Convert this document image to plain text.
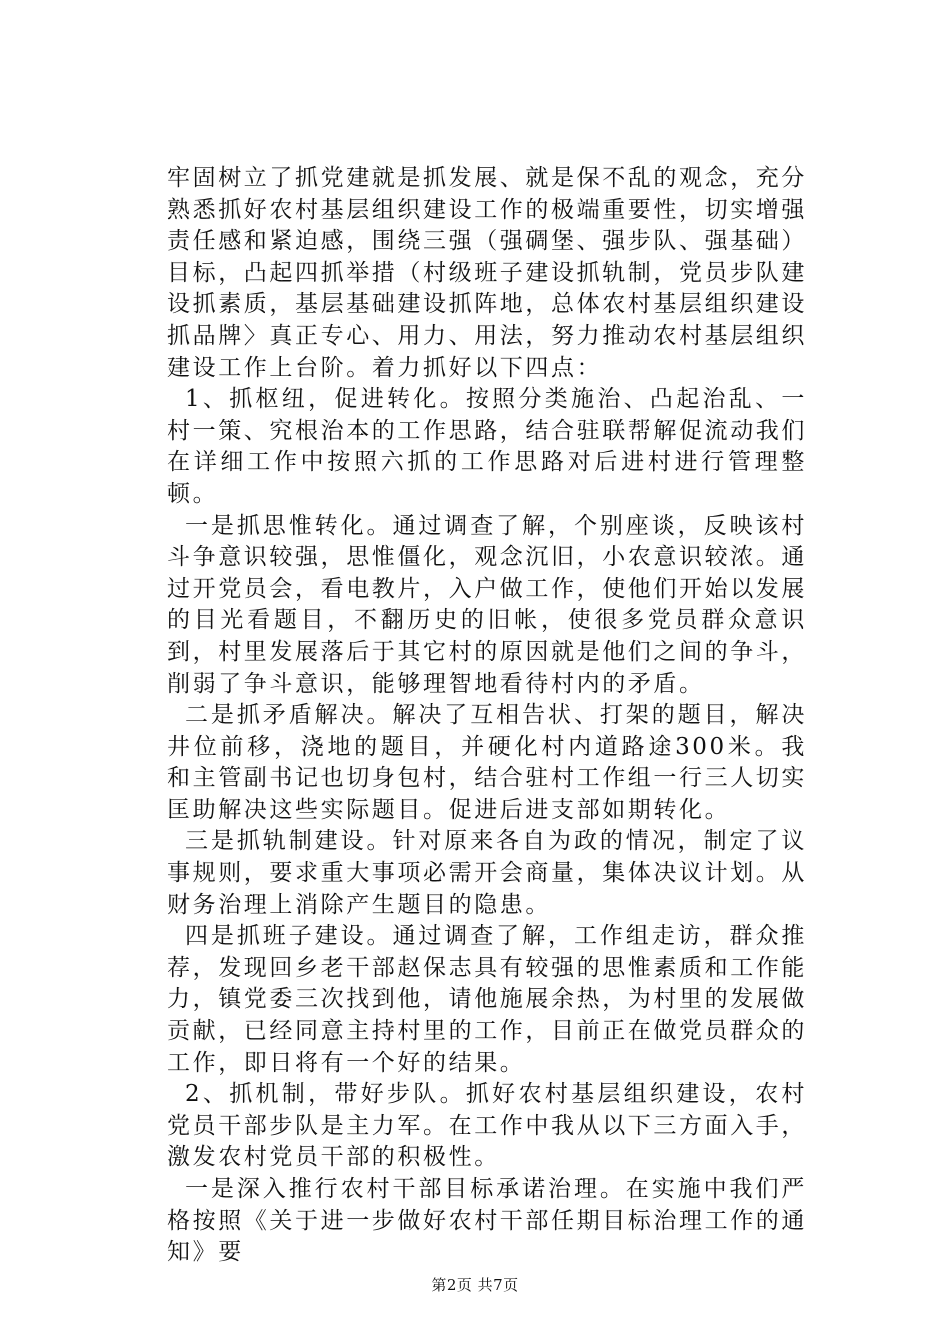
牢固树立了抓党建就是抓发展、就是保不乱的观念，充分熟悉抓好农村基层组织建设工作的极端重要性，切实增强责任感和紧迫感，围绕三强（强碉堡、强步队、强基础）目标，凸起四抓举措（村级班子建设抓轨制，党员步队建设抓素质，基层基础建设抓阵地，总体农村基层组织建设抓品牌〉真正专心、用力、用法，努力推动农村基层组织建设工作上台阶。着力抓好以下四点：

1、抓枢纽，促进转化。按照分类施治、凸起治乱、一村一策、究根治本的工作思路，结合驻联帮解促流动我们在详细工作中按照六抓的工作思路对后进村进行管理整顿。

一是抓思惟转化。通过调查了解，个别座谈，反映该村斗争意识较强，思惟僵化，观念沉旧，小农意识较浓。通过开党员会，看电教片，入户做工作，使他们开始以发展的目光看题目，不翻历史的旧帐，使很多党员群众意识到，村里发展落后于其它村的原因就是他们之间的争斗，削弱了争斗意识，能够理智地看待村内的矛盾。

二是抓矛盾解决。解决了互相告状、打架的题目，解决井位前移，浇地的题目，并硬化村内道路途300米。我和主管副书记也切身包村，结合驻村工作组一行三人切实匡助解决这些实际题目。促进后进支部如期转化。

三是抓轨制建设。针对原来各自为政的情况，制定了议事规则，要求重大事项必需开会商量，集体决议计划。从财务治理上消除产生题目的隐患。

四是抓班子建设。通过调查了解，工作组走访，群众推荐，发现回乡老干部赵保志具有较强的思惟素质和工作能力，镇党委三次找到他，请他施展余热，为村里的发展做贡献，已经同意主持村里的工作，目前正在做党员群众的工作，即日将有一个好的结果。

2、抓机制，带好步队。抓好农村基层组织建设，农村党员干部步队是主力军。在工作中我从以下三方面入手，激发农村党员干部的积极性。

一是深入推行农村干部目标承诺治理。在实施中我们严格按照《关于进一步做好农村干部任期目标治理工作的通知》要

第2页 共7页
